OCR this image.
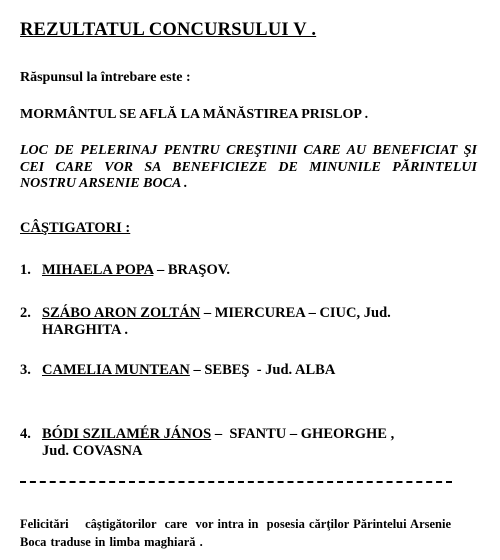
REZULTATUL CONCURSULUI V .
Răspunsul la întrebare este :
MORMÂNTUL SE AFLĂ LA MĂNĂSTIREA PRISLOP .
LOC DE PELERINAJ PENTRU CREŞTINII CARE AU BENEFICIAT ŞI CEI CARE VOR SA BENEFICIEZE DE MINUNILE PĂRINTELUI NOSTRU ARSENIE BOCA .
CÂŞTIGATORI :
1. MIHAELA POPA – BRAŞOV.
2. SZÁBO ARON ZOLTÁN – MIERCUREA – CIUC, Jud.
HARGHITA .
3. CAMELIA MUNTEAN – SEBEŞ  - Jud. ALBA
4. BÓDI SZILAMÉR JÁNOS –  SFANTU – GHEORGHE ,
Jud. COVASNA
Felicitări    câştigătorilor  care  vor intra in  posesia cărţilor Părintelui Arsenie Boca traduse in limba maghiară .
